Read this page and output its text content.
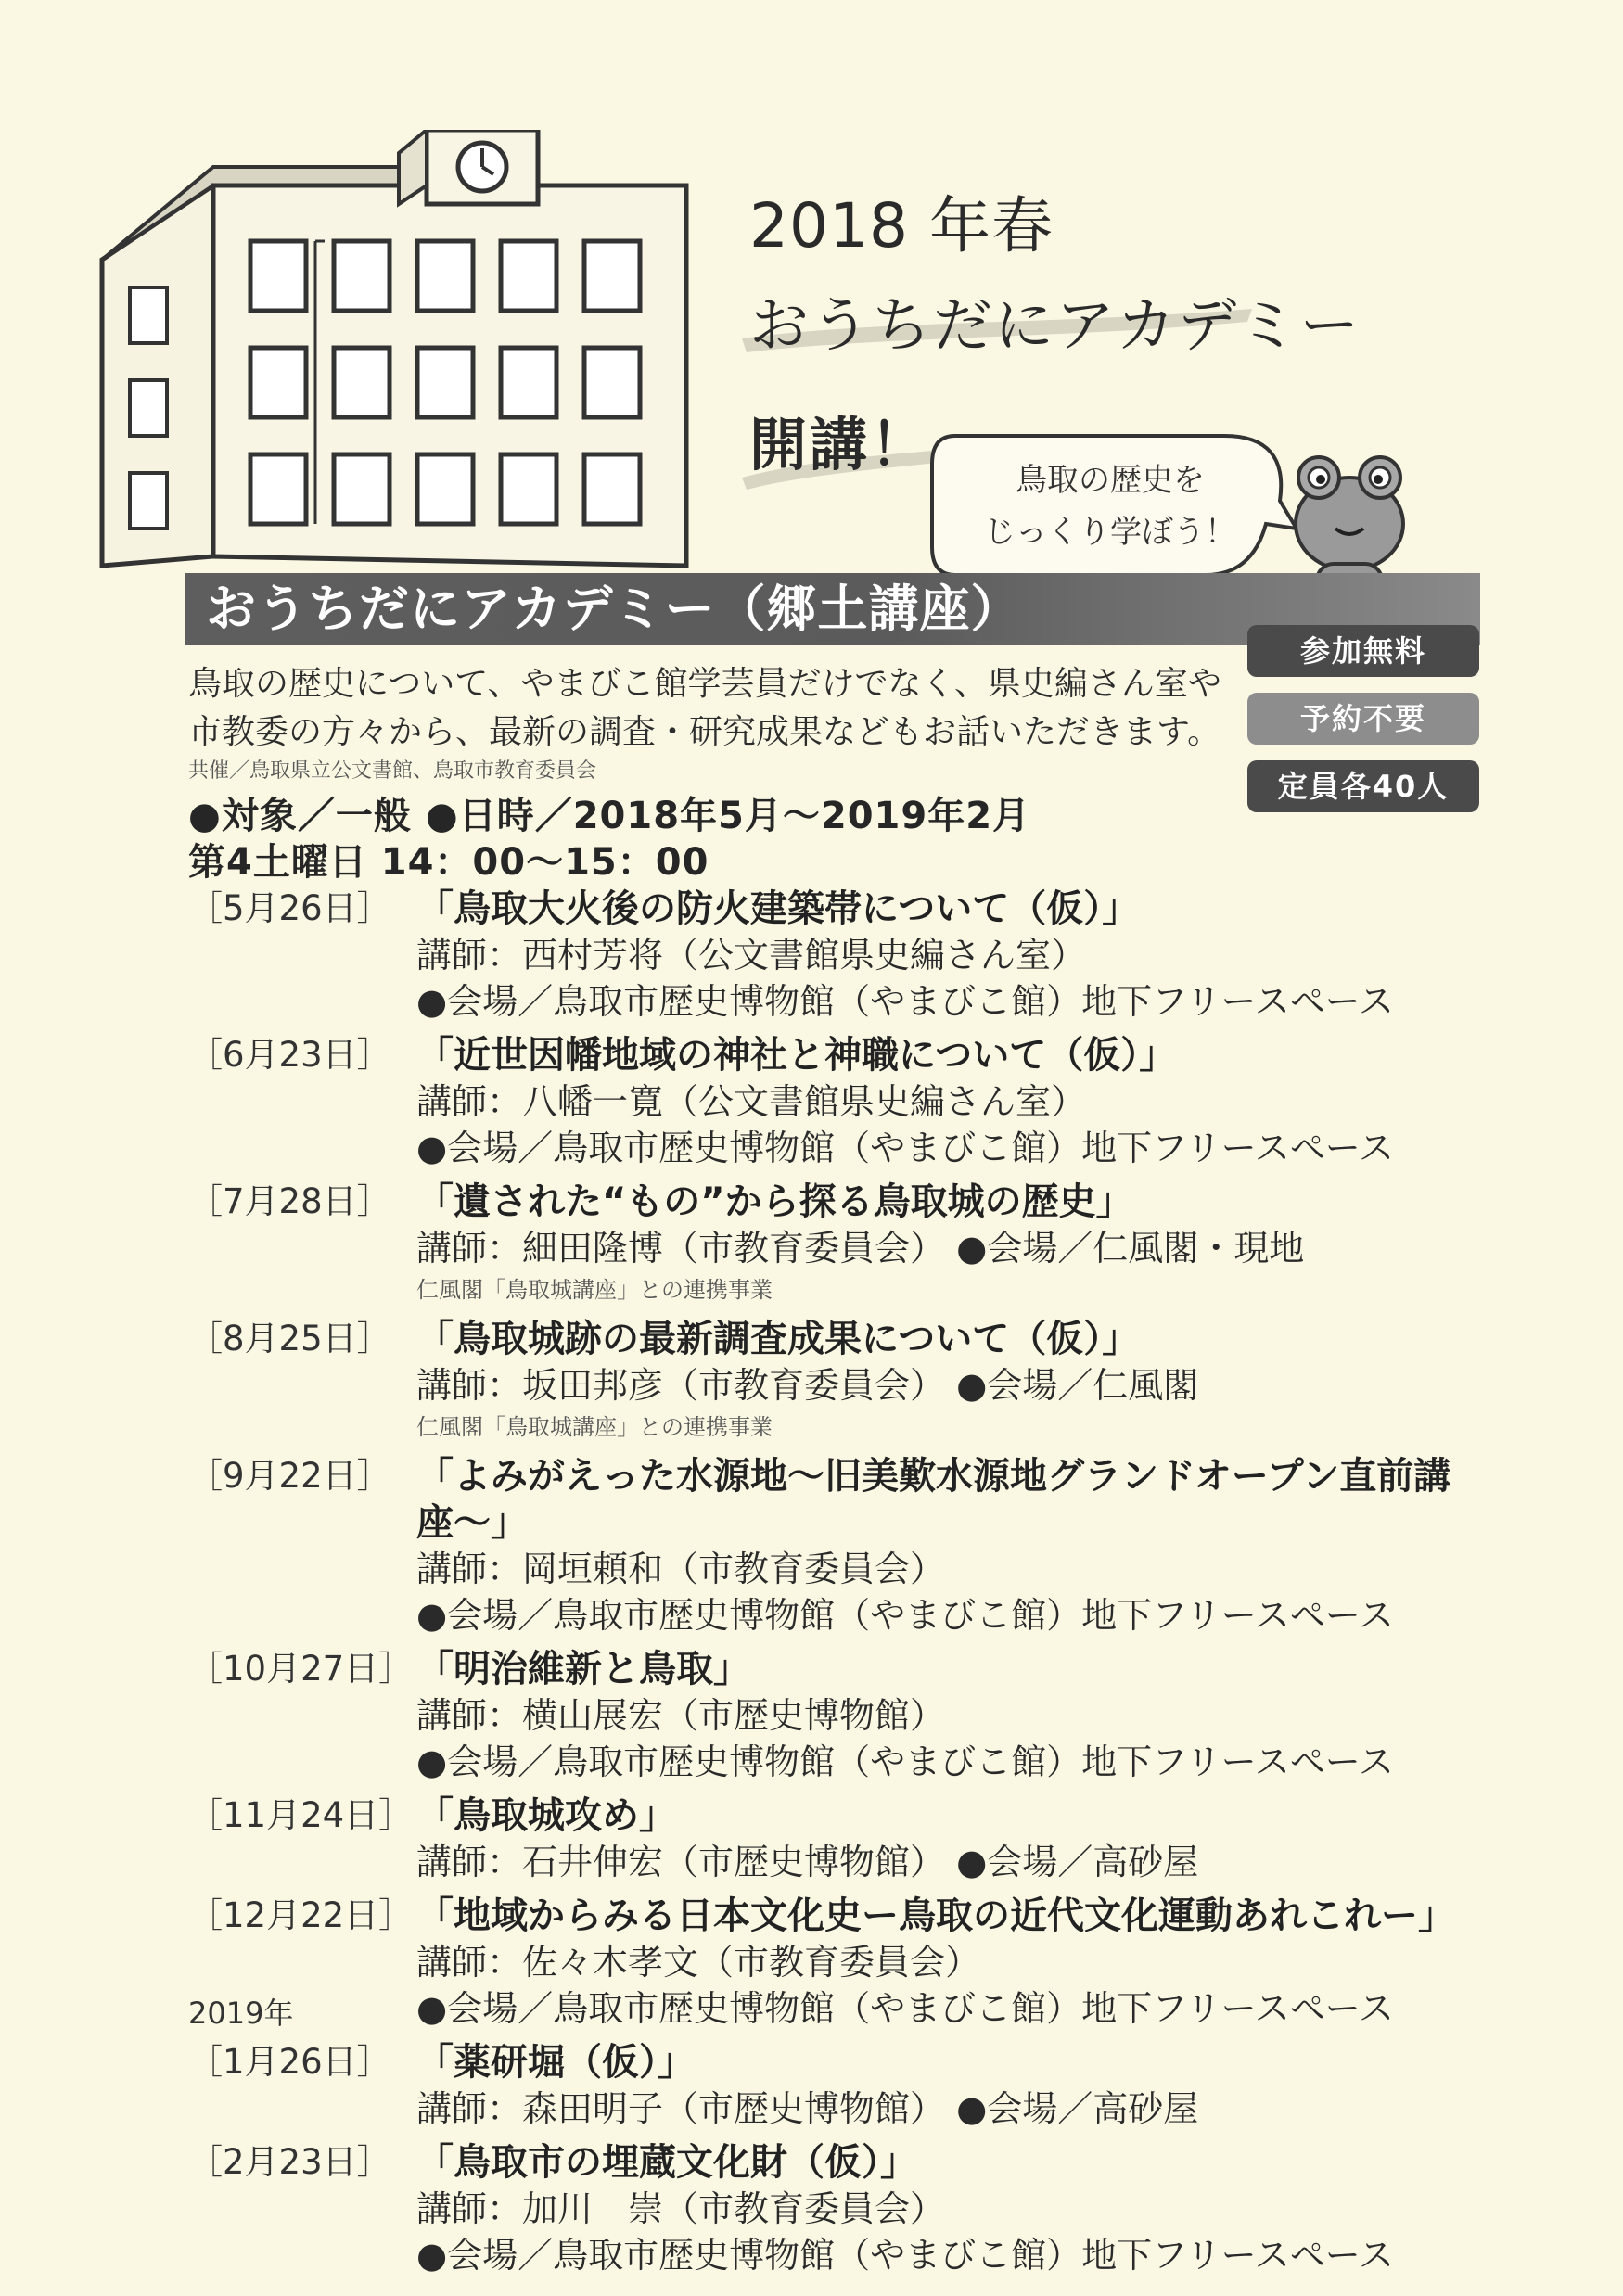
2018 年春
おうちだにアカデミー
開講！
鳥取の歴史を
じっくり学ぼう！
おうちだにアカデミー（郷土講座）
参加無料
予約不要
定員各40人
鳥取の歴史について、やまびこ館学芸員だけでなく、県史編さん室や
市教委の方々から、最新の調査・研究成果などもお話いただきます。
共催／鳥取県立公文書館、鳥取市教育委員会
●対象／一般 ●日時／2018年5月〜2019年2月
第4土曜日 14：00〜15：00
［5月26日］ 「鳥取大火後の防火建築帯について（仮）」
講師：西村芳将（公文書館県史編さん室）
●会場／鳥取市歴史博物館（やまびこ館）地下フリースペース
［6月23日］ 「近世因幡地域の神社と神職について（仮）」
講師：八幡一寛（公文書館県史編さん室）
●会場／鳥取市歴史博物館（やまびこ館）地下フリースペース
［7月28日］ 「遺された“もの”から探る鳥取城の歴史」
講師：細田隆博（市教育委員会） ●会場／仁風閣・現地
仁風閣「鳥取城講座」との連携事業
［8月25日］ 「鳥取城跡の最新調査成果について（仮）」
講師：坂田邦彦（市教育委員会） ●会場／仁風閣
仁風閣「鳥取城講座」との連携事業
［9月22日］ 「よみがえった水源地〜旧美歎水源地グランドオープン直前講座〜」
講師：岡垣頼和（市教育委員会）
●会場／鳥取市歴史博物館（やまびこ館）地下フリースペース
［10月27日］ 「明治維新と鳥取」
講師：横山展宏（市歴史博物館）
●会場／鳥取市歴史博物館（やまびこ館）地下フリースペース
［11月24日］ 「鳥取城攻め」
講師：石井伸宏（市歴史博物館） ●会場／高砂屋
［12月22日］
2019年
「地域からみる日本文化史ー鳥取の近代文化運動あれこれー」
講師：佐々木孝文（市教育委員会）
●会場／鳥取市歴史博物館（やまびこ館）地下フリースペース
［1月26日］ 「薬研堀（仮）」
講師：森田明子（市歴史博物館） ●会場／高砂屋
［2月23日］ 「鳥取市の埋蔵文化財（仮）」
講師：加川　崇（市教育委員会）
●会場／鳥取市歴史博物館（やまびこ館）地下フリースペース
